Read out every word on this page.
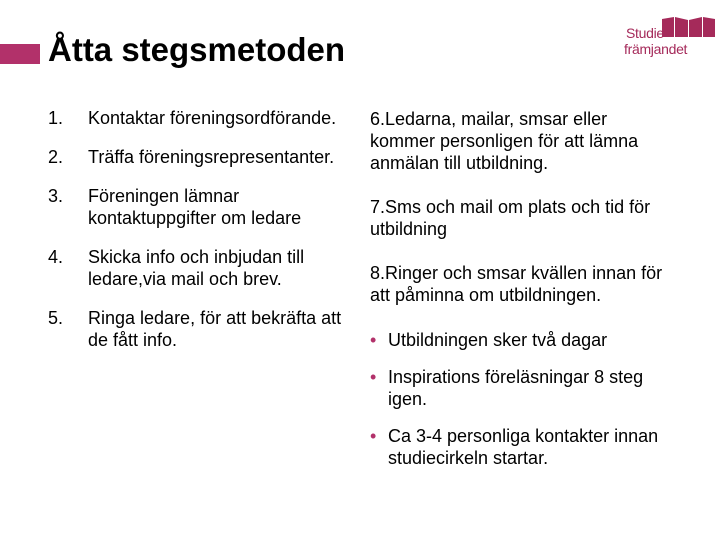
Åtta stegsmetoden	Studie
främjandet
1. Kontaktar föreningsordförande.
2. Träffa föreningsrepresentanter.
3. Föreningen lämnar kontaktuppgifter om ledare
4. Skicka info och inbjudan till ledare,via mail och brev.
5. Ringa ledare, för att bekräfta att de fått info.

6.Ledarna, mailar, smsar eller kommer personligen för att lämna anmälan till utbildning.

7.Sms och mail om plats och tid för utbildning

8.Ringer och smsar kvällen innan för att påminna om utbildningen.

• Utbildningen sker två dagar
• Inspirations föreläsningar 8 steg igen.
• Ca 3-4 personliga kontakter innan studiecirkeln startar.
